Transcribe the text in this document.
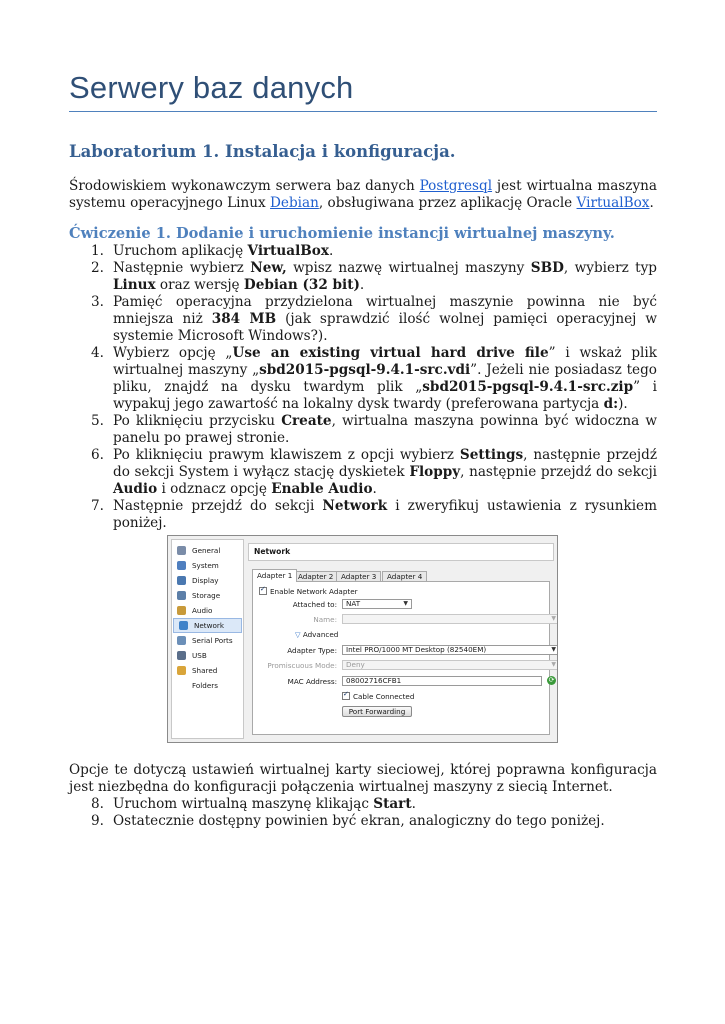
Serwery baz danych
Laboratorium 1. Instalacja i konfiguracja.

Środowiskiem wykonawczym serwera baz danych Postgresql jest wirtualna maszyna systemu operacyjnego Linux Debian, obsługiwana przez aplikację Oracle VirtualBox.

Ćwiczenie 1. Dodanie i uruchomienie instancji wirtualnej maszyny.
1. Uruchom aplikację VirtualBox.
2. Następnie wybierz New, wpisz nazwę wirtualnej maszyny SBD, wybierz typ Linux oraz wersję Debian (32 bit).
3. Pamięć operacyjna przydzielona wirtualnej maszynie powinna nie być mniejsza niż 384 MB (jak sprawdzić ilość wolnej pamięci operacyjnej w systemie Microsoft Windows?).
4. Wybierz opcję „Use an existing virtual hard drive file” i wskaż plik wirtualnej maszyny „sbd2015-pgsql-9.4.1-src.vdi”. Jeżeli nie posiadasz tego pliku, znajdź na dysku twardym plik „sbd2015-pgsql-9.4.1-src.zip” i wypakuj jego zawartość na lokalny dysk twardy (preferowana partycja d:).
5. Po kliknięciu przycisku Create, wirtualna maszyna powinna być widoczna w panelu po prawej stronie.
6. Po kliknięciu prawym klawiszem z opcji wybierz Settings, następnie przejdź do sekcji System i wyłącz stację dyskietek Floppy, następnie przejdź do sekcji Audio i odznacz opcję Enable Audio.
7. Następnie przejdź do sekcji Network i zweryfikuj ustawienia z rysunkiem poniżej.
General
System
Display
Storage
Audio
Network
Serial Ports
USB
Shared Folders
Network
Adapter 1 Adapter 2	Adapter 3	Adapter 4
✓Enable Network Adapter
Attached to:	NAT	▼
Name:	▼
▽ Advanced
Adapter Type:	Intel PRO/1000 MT Desktop (82540EM)	▼
Promiscuous Mode:	Deny	▼
MAC Address:	08002716CFB1	⟳
✓Cable Connected
Port Forwarding

Opcje te dotyczą ustawień wirtualnej karty sieciowej, której poprawna konfiguracja jest niezbędna do konfiguracji połączenia wirtualnej maszyny z siecią Internet.

8. Uruchom wirtualną maszynę klikając Start.
9. Ostatecznie dostępny powinien być ekran, analogiczny do tego poniżej.
